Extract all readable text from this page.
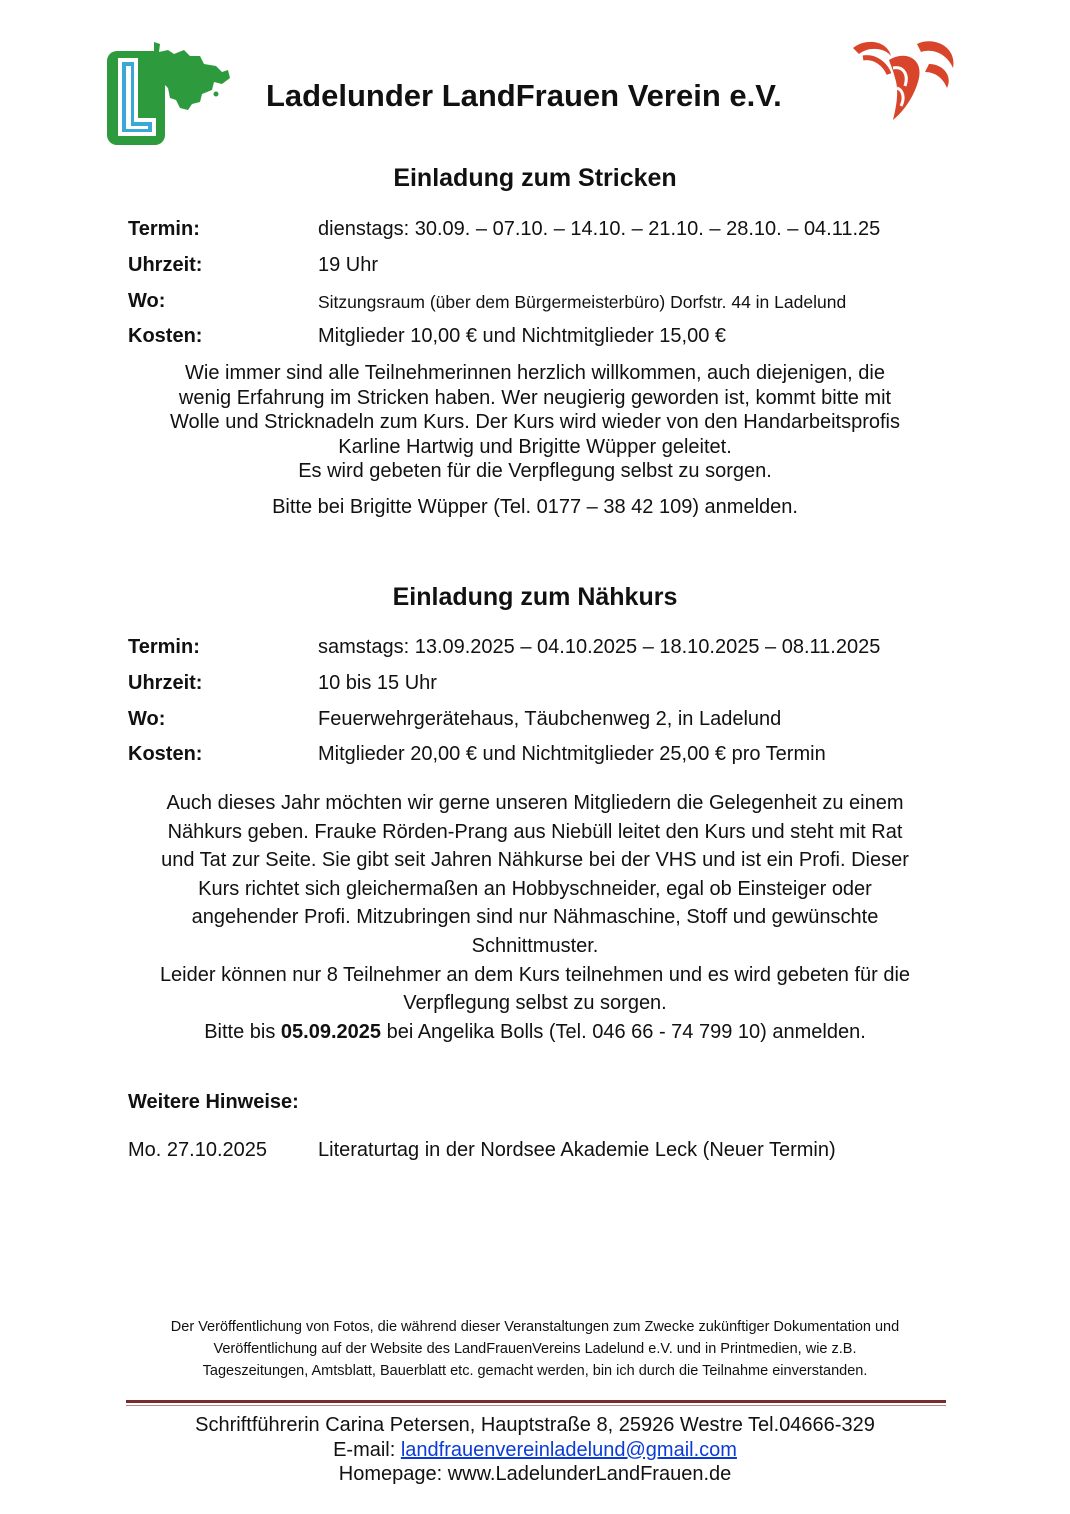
Ladelunder LandFrauen Verein e.V.
Einladung zum Stricken
Termin:	dienstags: 30.09. – 07.10. – 14.10. – 21.10. – 28.10. – 04.11.25
Uhrzeit:	19 Uhr
Wo:	Sitzungsraum (über dem Bürgermeisterbüro) Dorfstr. 44 in Ladelund
Kosten:	Mitglieder 10,00 € und Nichtmitglieder 15,00 €
Wie immer sind alle Teilnehmerinnen herzlich willkommen, auch diejenigen, die
wenig Erfahrung im Stricken haben. Wer neugierig geworden ist, kommt bitte mit
Wolle und Stricknadeln zum Kurs. Der Kurs wird wieder von den Handarbeitsprofis
Karline Hartwig und Brigitte Wüpper geleitet.
Es wird gebeten für die Verpflegung selbst zu sorgen.
Bitte bei Brigitte Wüpper (Tel. 0177 – 38 42 109) anmelden.
Einladung zum Nähkurs
Termin:	samstags: 13.09.2025 – 04.10.2025 – 18.10.2025 – 08.11.2025
Uhrzeit:	10 bis 15 Uhr
Wo:	Feuerwehrgerätehaus, Täubchenweg 2, in Ladelund
Kosten:	Mitglieder 20,00 € und Nichtmitglieder 25,00 € pro Termin
Auch dieses Jahr möchten wir gerne unseren Mitgliedern die Gelegenheit zu einem
Nähkurs geben. Frauke Rörden-Prang aus Niebüll leitet den Kurs und steht mit Rat
und Tat zur Seite. Sie gibt seit Jahren Nähkurse bei der VHS und ist ein Profi. Dieser
Kurs richtet sich gleichermaßen an Hobbyschneider, egal ob Einsteiger oder
angehender Profi. Mitzubringen sind nur Nähmaschine, Stoff und gewünschte
Schnittmuster.
Leider können nur 8 Teilnehmer an dem Kurs teilnehmen und es wird gebeten für die
Verpflegung selbst zu sorgen.
Bitte bis 05.09.2025 bei Angelika Bolls (Tel. 046 66 - 74 799 10) anmelden.
Weitere Hinweise:
Mo. 27.10.2025	Literaturtag in der Nordsee Akademie Leck (Neuer Termin)
Der Veröffentlichung von Fotos, die während dieser Veranstaltungen zum Zwecke zukünftiger Dokumentation und
Veröffentlichung auf der Website des LandFrauenVereins Ladelund e.V. und in Printmedien, wie z.B.
Tageszeitungen, Amtsblatt, Bauerblatt etc. gemacht werden, bin ich durch die Teilnahme einverstanden.
Schriftführerin Carina Petersen, Hauptstraße 8, 25926 Westre Tel.04666-329
E-mail: landfrauenvereinladelund@gmail.com
Homepage: www.LadelunderLandFrauen.de
